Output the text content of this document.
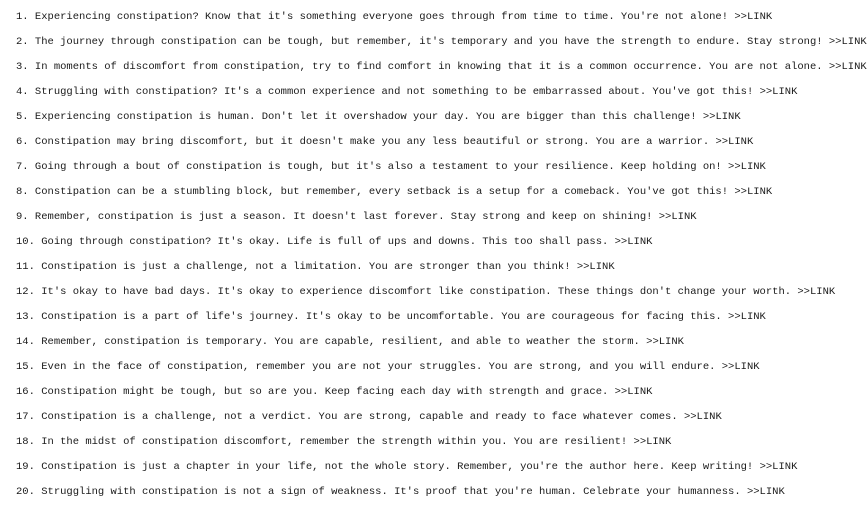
1. Experiencing constipation? Know that it's something everyone goes through from time to time. You're not alone! >>LINK
2. The journey through constipation can be tough, but remember, it's temporary and you have the strength to endure. Stay strong! >>LINK
3. In moments of discomfort from constipation, try to find comfort in knowing that it is a common occurrence. You are not alone. >>LINK
4. Struggling with constipation? It's a common experience and not something to be embarrassed about. You've got this! >>LINK
5. Experiencing constipation is human. Don't let it overshadow your day. You are bigger than this challenge! >>LINK
6. Constipation may bring discomfort, but it doesn't make you any less beautiful or strong. You are a warrior. >>LINK
7. Going through a bout of constipation is tough, but it's also a testament to your resilience. Keep holding on! >>LINK
8. Constipation can be a stumbling block, but remember, every setback is a setup for a comeback. You've got this! >>LINK
9. Remember, constipation is just a season. It doesn't last forever. Stay strong and keep on shining! >>LINK
10. Going through constipation? It's okay. Life is full of ups and downs. This too shall pass. >>LINK
11. Constipation is just a challenge, not a limitation. You are stronger than you think! >>LINK
12. It's okay to have bad days. It's okay to experience discomfort like constipation. These things don't change your worth. >>LINK
13. Constipation is a part of life's journey. It's okay to be uncomfortable. You are courageous for facing this. >>LINK
14. Remember, constipation is temporary. You are capable, resilient, and able to weather the storm. >>LINK
15. Even in the face of constipation, remember you are not your struggles. You are strong, and you will endure. >>LINK
16. Constipation might be tough, but so are you. Keep facing each day with strength and grace. >>LINK
17. Constipation is a challenge, not a verdict. You are strong, capable and ready to face whatever comes. >>LINK
18. In the midst of constipation discomfort, remember the strength within you. You are resilient! >>LINK
19. Constipation is just a chapter in your life, not the whole story. Remember, you're the author here. Keep writing! >>LINK
20. Struggling with constipation is not a sign of weakness. It's proof that you're human. Celebrate your humanness. >>LINK
